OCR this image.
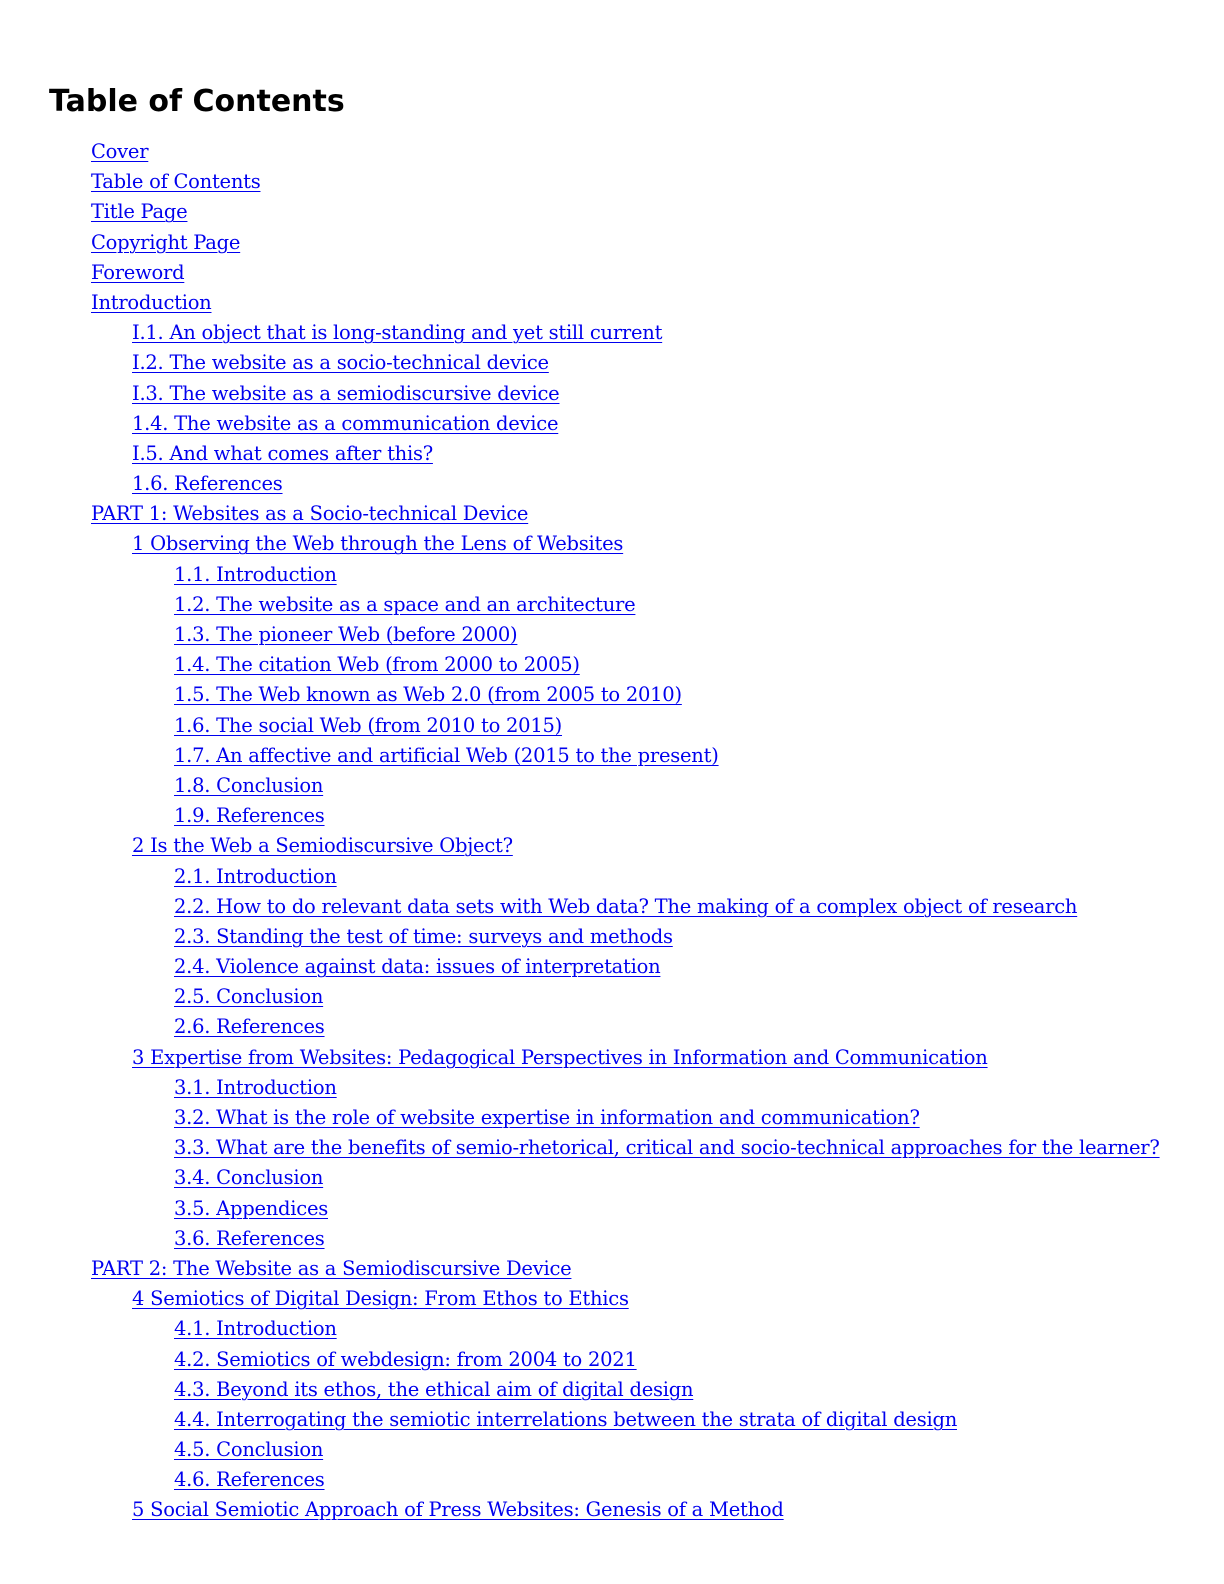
Table of Contents
Cover
Table of Contents
Title Page
Copyright Page
Foreword
Introduction
I.1. An object that is long-standing and yet still current
I.2. The website as a socio-technical device
I.3. The website as a semiodiscursive device
1.4. The website as a communication device
I.5. And what comes after this?
1.6. References
PART 1: Websites as a Socio-technical Device
1 Observing the Web through the Lens of Websites
1.1. Introduction
1.2. The website as a space and an architecture
1.3. The pioneer Web (before 2000)
1.4. The citation Web (from 2000 to 2005)
1.5. The Web known as Web 2.0 (from 2005 to 2010)
1.6. The social Web (from 2010 to 2015)
1.7. An affective and artificial Web (2015 to the present)
1.8. Conclusion
1.9. References
2 Is the Web a Semiodiscursive Object?
2.1. Introduction
2.2. How to do relevant data sets with Web data? The making of a complex object of research
2.3. Standing the test of time: surveys and methods
2.4. Violence against data: issues of interpretation
2.5. Conclusion
2.6. References
3 Expertise from Websites: Pedagogical Perspectives in Information and Communication
3.1. Introduction
3.2. What is the role of website expertise in information and communication?
3.3. What are the benefits of semio-rhetorical, critical and socio-technical approaches for the learner?
3.4. Conclusion
3.5. Appendices
3.6. References
PART 2: The Website as a Semiodiscursive Device
4 Semiotics of Digital Design: From Ethos to Ethics
4.1. Introduction
4.2. Semiotics of webdesign: from 2004 to 2021
4.3. Beyond its ethos, the ethical aim of digital design
4.4. Interrogating the semiotic interrelations between the strata of digital design
4.5. Conclusion
4.6. References
5 Social Semiotic Approach of Press Websites: Genesis of a Method
